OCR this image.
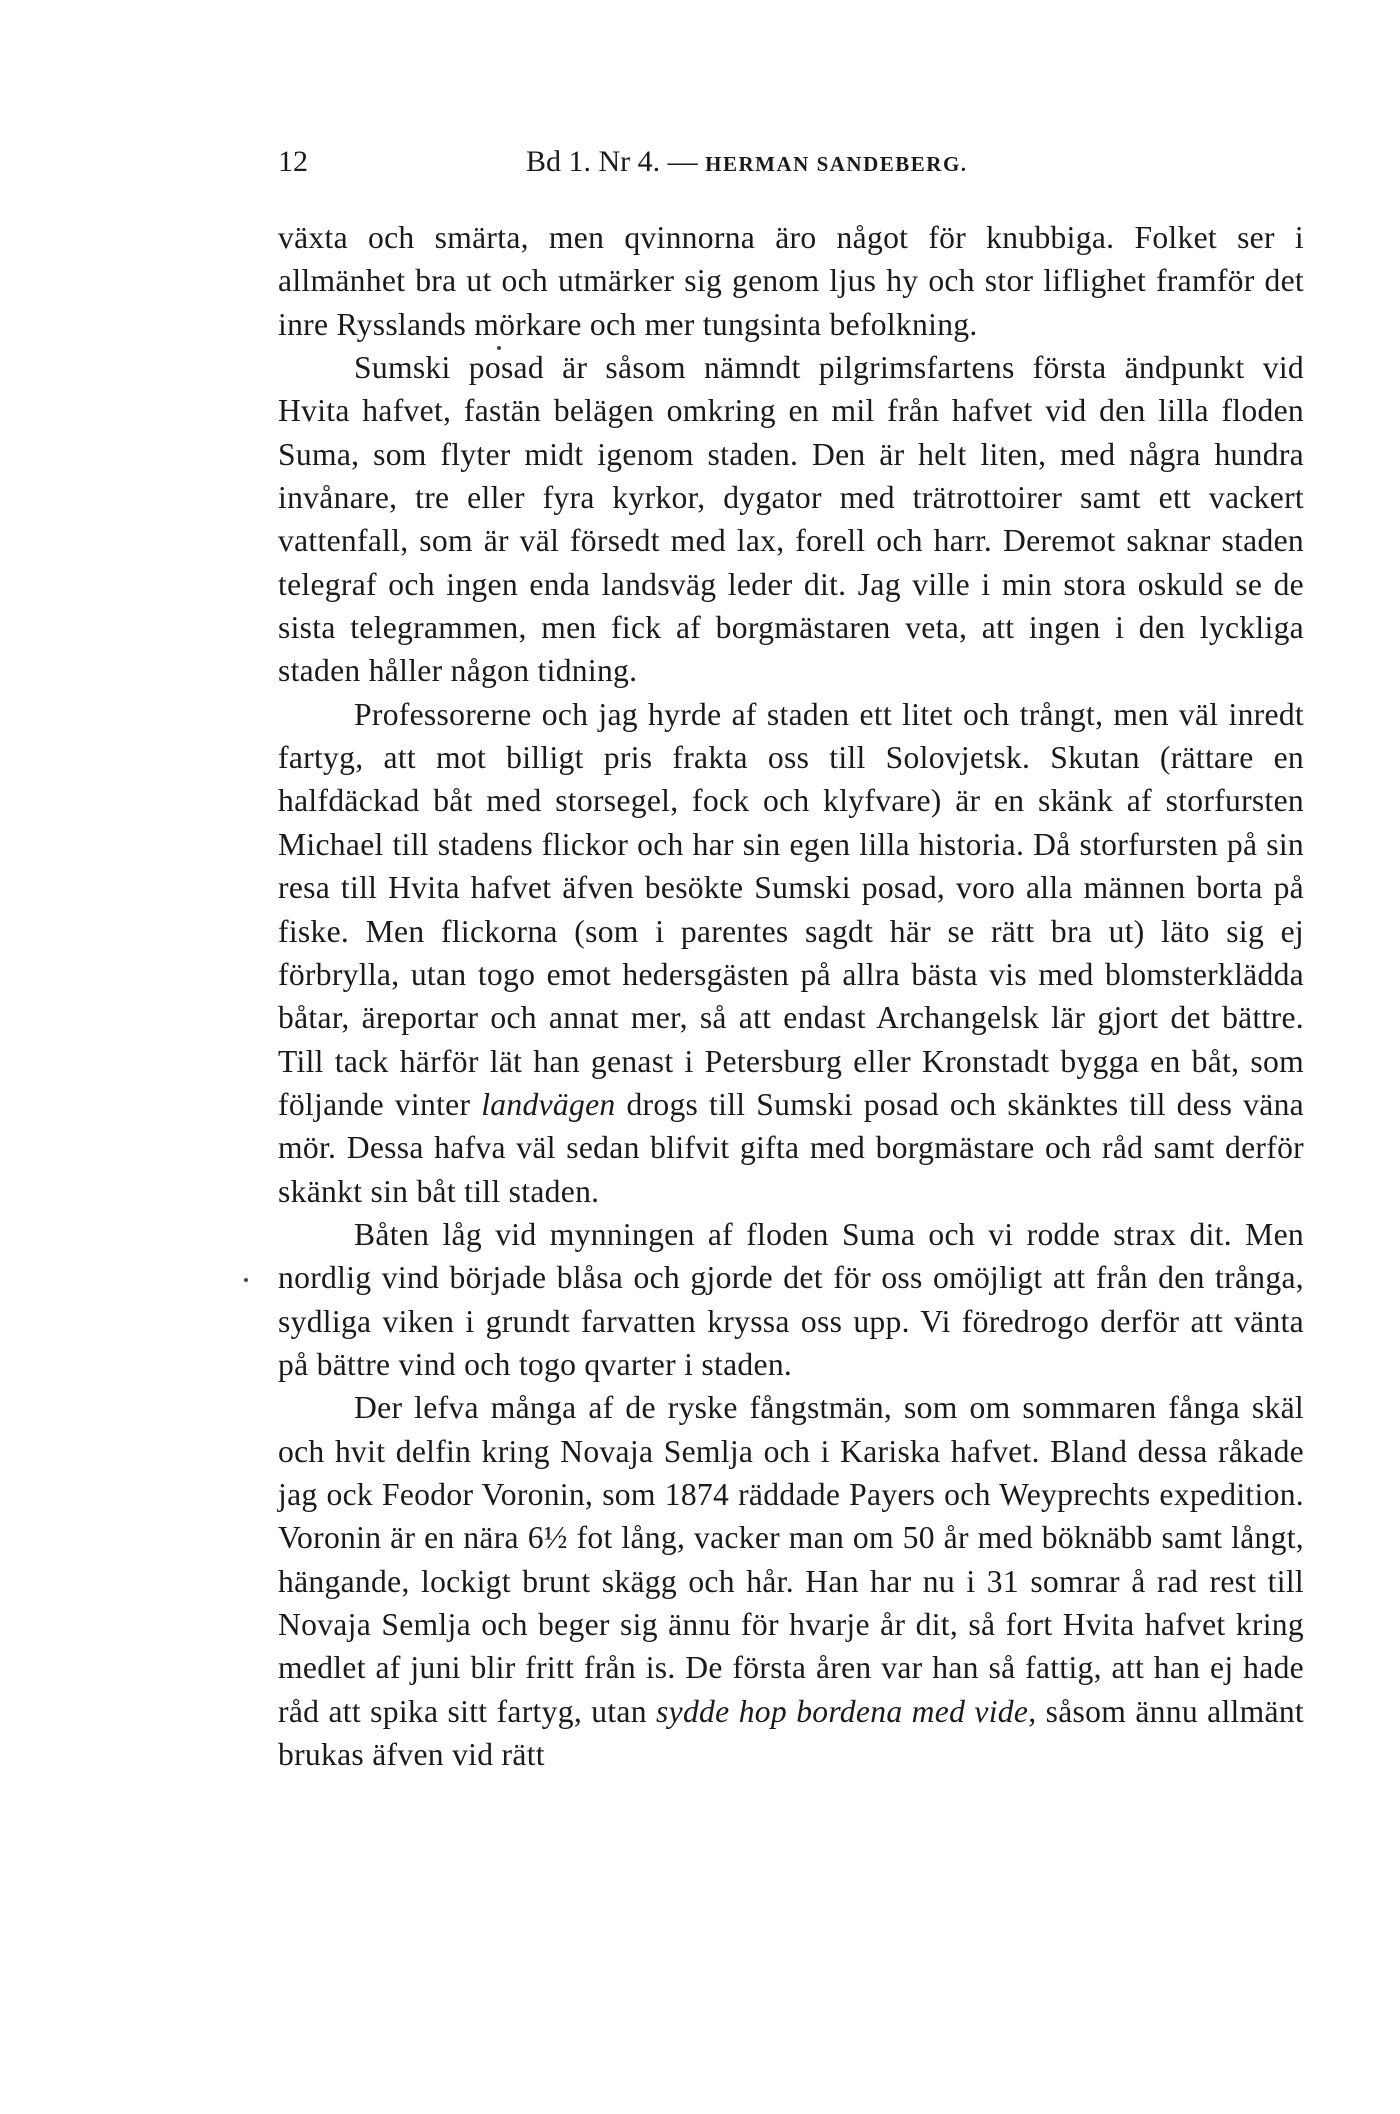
12	Bd 1. Nr 4. — HERMAN SANDEBERG.

växta och smärta, men qvinnorna äro något för knubbiga. Folket ser i allmänhet bra ut och utmärker sig genom ljus hy och stor liflighet framför det inre Rysslands mörkare och mer tungsinta befolkning.

Sumski posad är såsom nämndt pilgrimsfartens första ändpunkt vid Hvita hafvet, fastän belägen omkring en mil från hafvet vid den lilla floden Suma, som flyter midt igenom staden. Den är helt liten, med några hundra invånare, tre eller fyra kyrkor, dygator med trätrottoirer samt ett vackert vattenfall, som är väl försedt med lax, forell och harr. Deremot saknar staden telegraf och ingen enda landsväg leder dit. Jag ville i min stora oskuld se de sista telegrammen, men fick af borgmästaren veta, att ingen i den lyckliga staden håller någon tidning.

Professorerne och jag hyrde af staden ett litet och trångt, men väl inredt fartyg, att mot billigt pris frakta oss till Solovjetsk. Skutan (rättare en halfdäckad båt med storsegel, fock och klyfvare) är en skänk af storfursten Michael till stadens flickor och har sin egen lilla historia. Då storfursten på sin resa till Hvita hafvet äfven besökte Sumski posad, voro alla männen borta på fiske. Men flickorna (som i parentes sagdt här se rätt bra ut) läto sig ej förbrylla, utan togo emot hedersgästen på allra bästa vis med blomsterklädda båtar, äreportar och annat mer, så att endast Archangelsk lär gjort det bättre. Till tack härför lät han genast i Petersburg eller Kronstadt bygga en båt, som följande vinter landvägen drogs till Sumski posad och skänktes till dess väna mör. Dessa hafva väl sedan blifvit gifta med borgmästare och råd samt derför skänkt sin båt till staden.

Båten låg vid mynningen af floden Suma och vi rodde strax dit. Men nordlig vind började blåsa och gjorde det för oss omöjligt att från den trånga, sydliga viken i grundt farvatten kryssa oss upp. Vi föredrogo derför att vänta på bättre vind och togo qvarter i staden.

Der lefva många af de ryske fångstmän, som om sommaren fånga skäl och hvit delfin kring Novaja Semlja och i Kariska hafvet. Bland dessa råkade jag ock Feodor Voronin, som 1874 räddade Payers och Weyprechts expedition. Voronin är en nära 6½ fot lång, vacker man om 50 år med böknäbb samt långt, hängande, lockigt brunt skägg och hår. Han har nu i 31 somrar å rad rest till Novaja Semlja och beger sig ännu för hvarje år dit, så fort Hvita hafvet kring medlet af juni blir fritt från is. De första åren var han så fattig, att han ej hade råd att spika sitt fartyg, utan sydde hop bordena med vide, såsom ännu allmänt brukas äfven vid rätt
